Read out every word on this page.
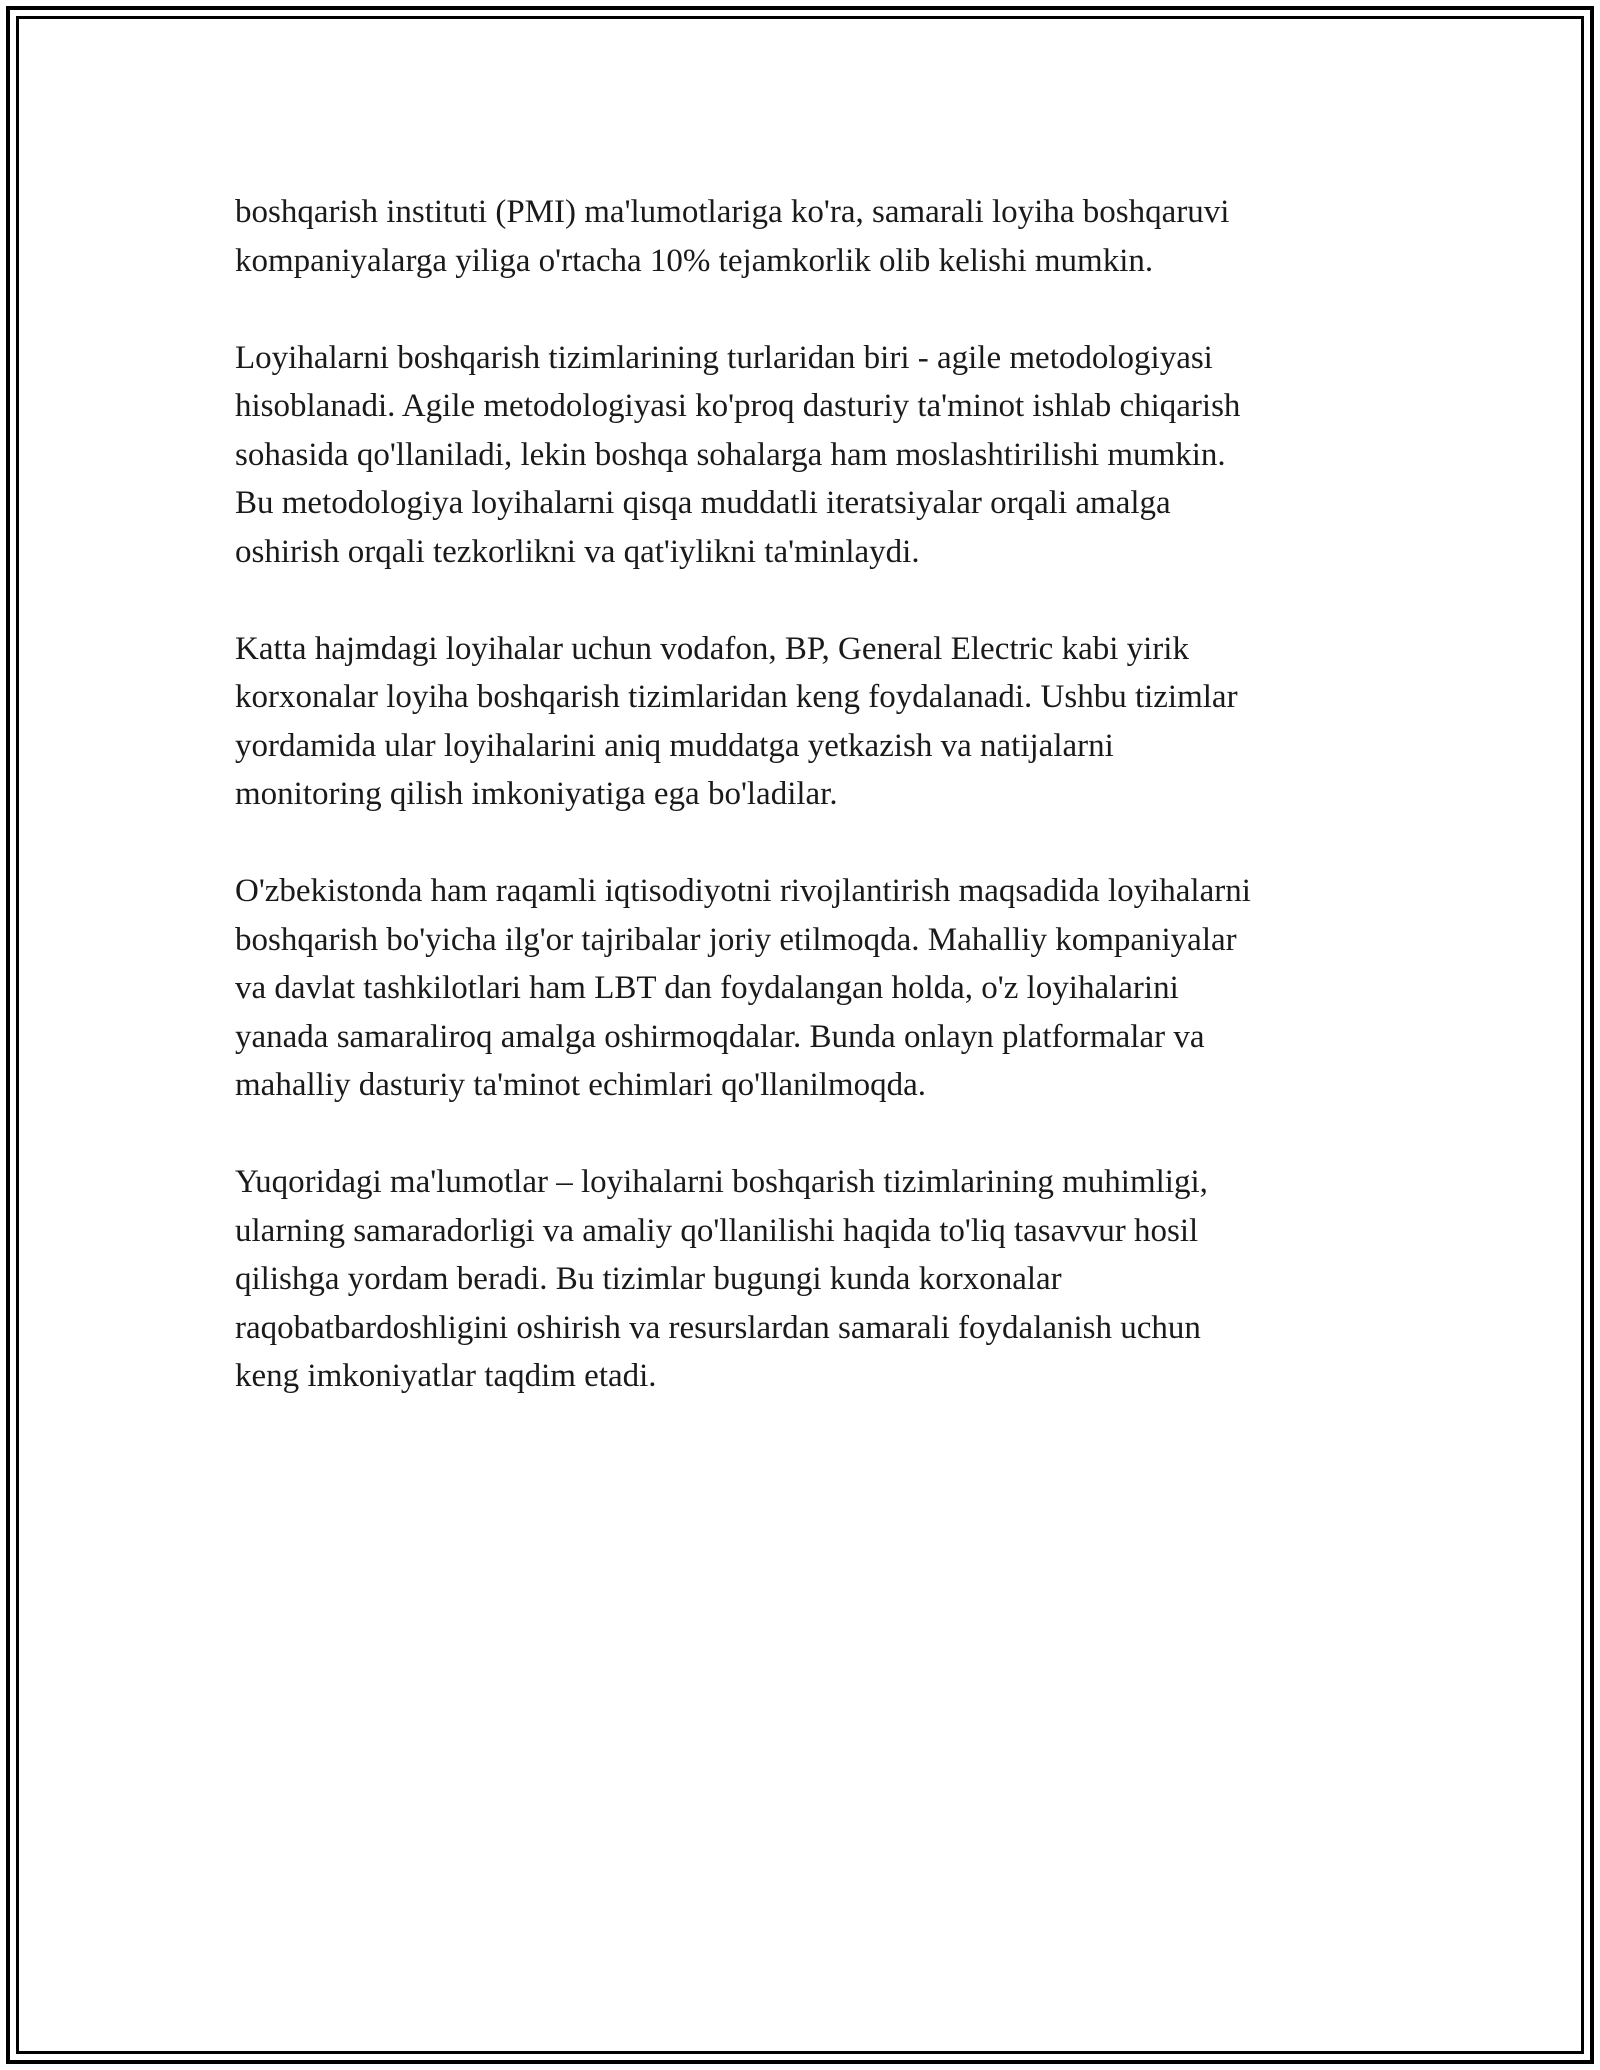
boshqarish instituti (PMI) ma'lumotlariga ko'ra, samarali loyiha boshqaruvi
kompaniyalarga yiliga o'rtacha 10% tejamkorlik olib kelishi mumkin.

Loyihalarni boshqarish tizimlarining turlaridan biri - agile metodologiyasi
hisoblanadi. Agile metodologiyasi ko'proq dasturiy ta'minot ishlab chiqarish
sohasida qo'llaniladi, lekin boshqa sohalarga ham moslashtirilishi mumkin.
Bu metodologiya loyihalarni qisqa muddatli iteratsiyalar orqali amalga
oshirish orqali tezkorlikni va qat'iylikni ta'minlaydi.

Katta hajmdagi loyihalar uchun vodafon, BP, General Electric kabi yirik
korxonalar loyiha boshqarish tizimlaridan keng foydalanadi. Ushbu tizimlar
yordamida ular loyihalarini aniq muddatga yetkazish va natijalarni
monitoring qilish imkoniyatiga ega bo'ladilar.

O'zbekistonda ham raqamli iqtisodiyotni rivojlantirish maqsadida loyihalarni
boshqarish bo'yicha ilg'or tajribalar joriy etilmoqda. Mahalliy kompaniyalar
va davlat tashkilotlari ham LBT dan foydalangan holda, o'z loyihalarini
yanada samaraliroq amalga oshirmoqdalar. Bunda onlayn platformalar va
mahalliy dasturiy ta'minot echimlari qo'llanilmoqda.

Yuqoridagi ma'lumotlar – loyihalarni boshqarish tizimlarining muhimligi,
ularning samaradorligi va amaliy qo'llanilishi haqida to'liq tasavvur hosil
qilishga yordam beradi. Bu tizimlar bugungi kunda korxonalar
raqobatbardoshligini oshirish va resurslardan samarali foydalanish uchun
keng imkoniyatlar taqdim etadi.
